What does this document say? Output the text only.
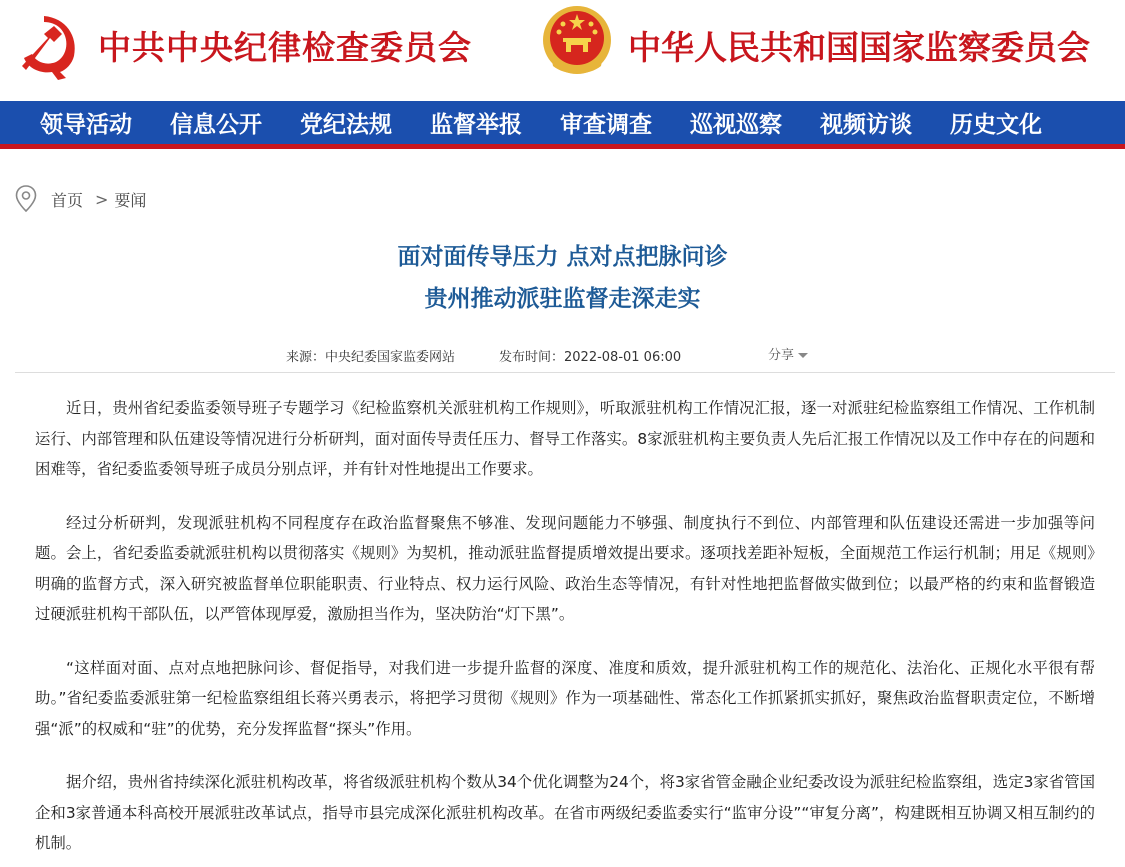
中共中央纪律检查委员会	中华人民共和国国家监察委员会
领导活动 信息公开 党纪法规 监督举报 审查调查 巡视巡察 视频访谈 历史文化
首页 > 要闻
面对面传导压力 点对点把脉问诊
贵州推动派驻监督走深走实
来源：中央纪委国家监委网站	发布时间：2022-08-01 06:00	分享

近日，贵州省纪委监委领导班子专题学习《纪检监察机关派驻机构工作规则》，听取派驻机构工作情况汇报，逐一对派驻纪检监察组工作情况、工作机制运行、内部管理和队伍建设等情况进行分析研判，面对面传导责任压力、督导工作落实。8家派驻机构主要负责人先后汇报工作情况以及工作中存在的问题和困难等，省纪委监委领导班子成员分别点评，并有针对性地提出工作要求。

经过分析研判，发现派驻机构不同程度存在政治监督聚焦不够准、发现问题能力不够强、制度执行不到位、内部管理和队伍建设还需进一步加强等问题。会上，省纪委监委就派驻机构以贯彻落实《规则》为契机，推动派驻监督提质增效提出要求。逐项找差距补短板，全面规范工作运行机制；用足《规则》明确的监督方式，深入研究被监督单位职能职责、行业特点、权力运行风险、政治生态等情况，有针对性地把监督做实做到位；以最严格的约束和监督锻造过硬派驻机构干部队伍，以严管体现厚爱，激励担当作为，坚决防治“灯下黑”。

“这样面对面、点对点地把脉问诊、督促指导，对我们进一步提升监督的深度、准度和质效，提升派驻机构工作的规范化、法治化、正规化水平很有帮助。”省纪委监委派驻第一纪检监察组组长蒋兴勇表示，将把学习贯彻《规则》作为一项基础性、常态化工作抓紧抓实抓好，聚焦政治监督职责定位，不断增强“派”的权威和“驻”的优势，充分发挥监督“探头”作用。

据介绍，贵州省持续深化派驻机构改革，将省级派驻机构个数从34个优化调整为24个，将3家省管金融企业纪委改设为派驻纪检监察组，选定3家省管国企和3家普通本科高校开展派驻改革试点，指导市县完成深化派驻机构改革。在省市两级纪委监委实行“监审分设”“审复分离”，构建既相互协调又相互制约的机制。
